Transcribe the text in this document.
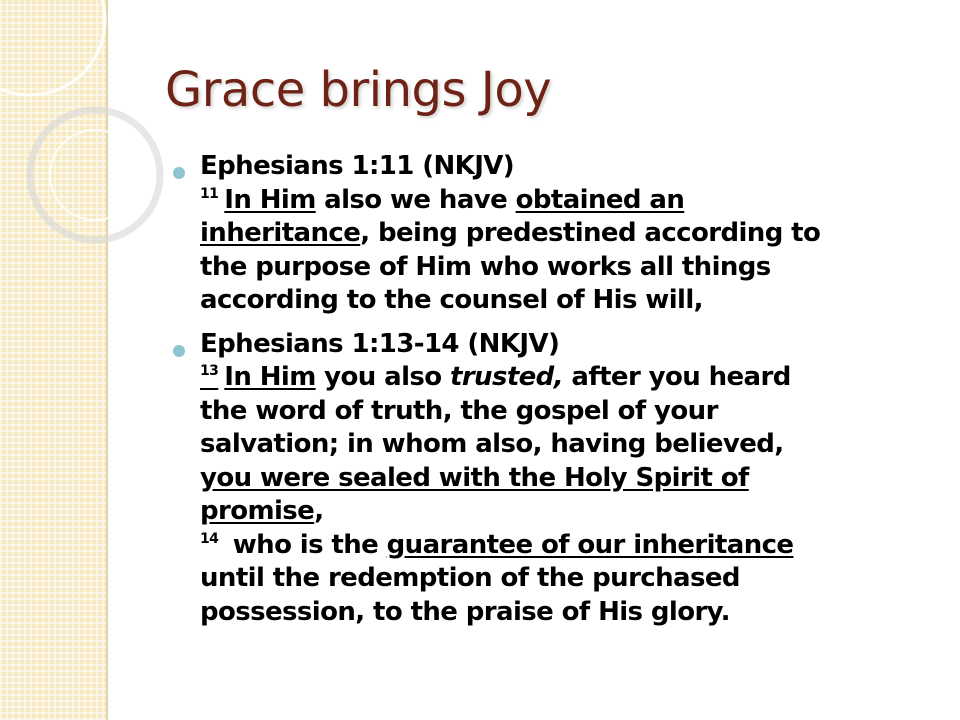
Grace brings Joy
Ephesians 1:11 (NKJV)
$^{11}$ In Him also we have obtained an
inheritance, being predestined according to
the purpose of Him who works all things
according to the counsel of His will,
Ephesians 1:13-14 (NKJV)
$^{13}$ In Him you also trusted, after you heard
the word of truth, the gospel of your
salvation; in whom also, having believed,
you were sealed with the Holy Spirit of
promise,
$^{14}$ who is the guarantee of our inheritance
until the redemption of the purchased
possession, to the praise of His glory.
